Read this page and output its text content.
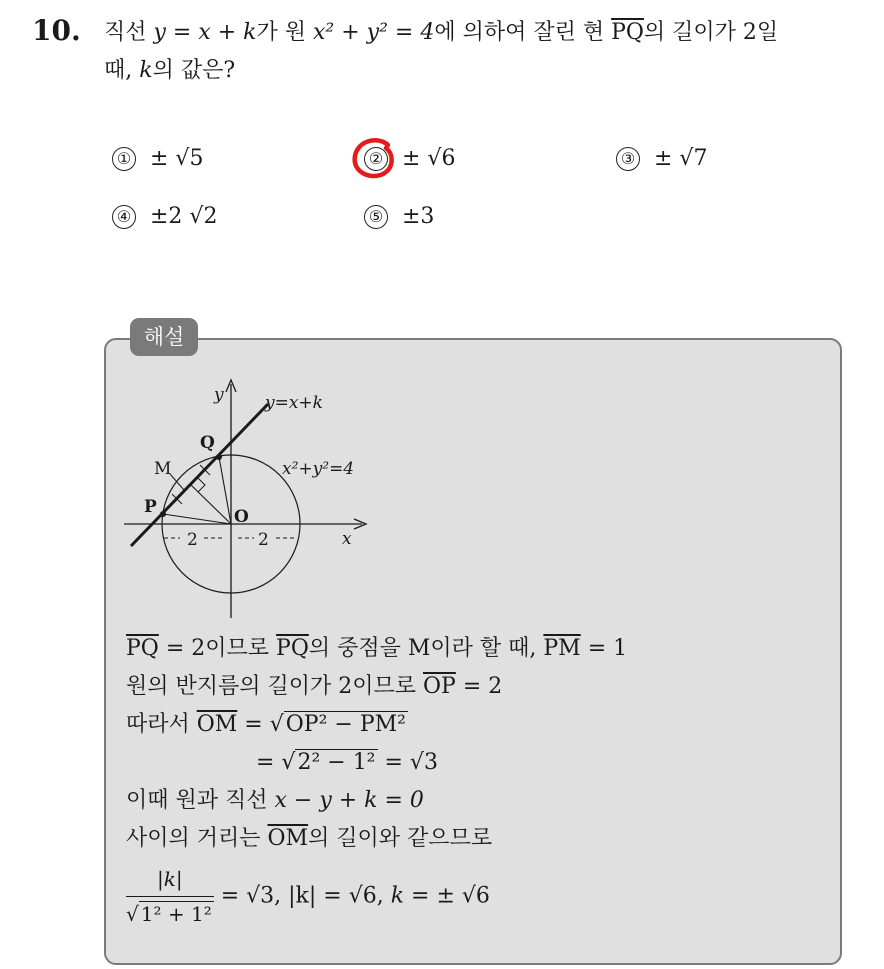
10. 직선 y = x + k가 원 x² + y² = 4에 의하여 잘린 현 $\overline{PQ}$의 길이가 2일
때, k의 값은?
① ± √5	② ± √6	③ ± √7
④ ±2 √2	⑤ ±3
해설
2	2
y=x+k
x²+y²=4
x
y
Q
M
P	O
$\overline{PQ} = 2$이므로 $\overline{PQ}$의 중점을 M이라 할 때, $\overline{PM} = 1$
원의 반지름의 길이가 2이므로 $\overline{OP} = 2$
따라서 $\overline{OM} = √OP^2 - PM^2$
= √2² − 1² = √3
이때 원과 직선 x − y + k = 0
사이의 거리는 $\overline{OM}$의 길이와 같으므로
$\frac{|k|}{\text{√ 1² + 1²}} = √3$, |k| = √6, k = ± √6
